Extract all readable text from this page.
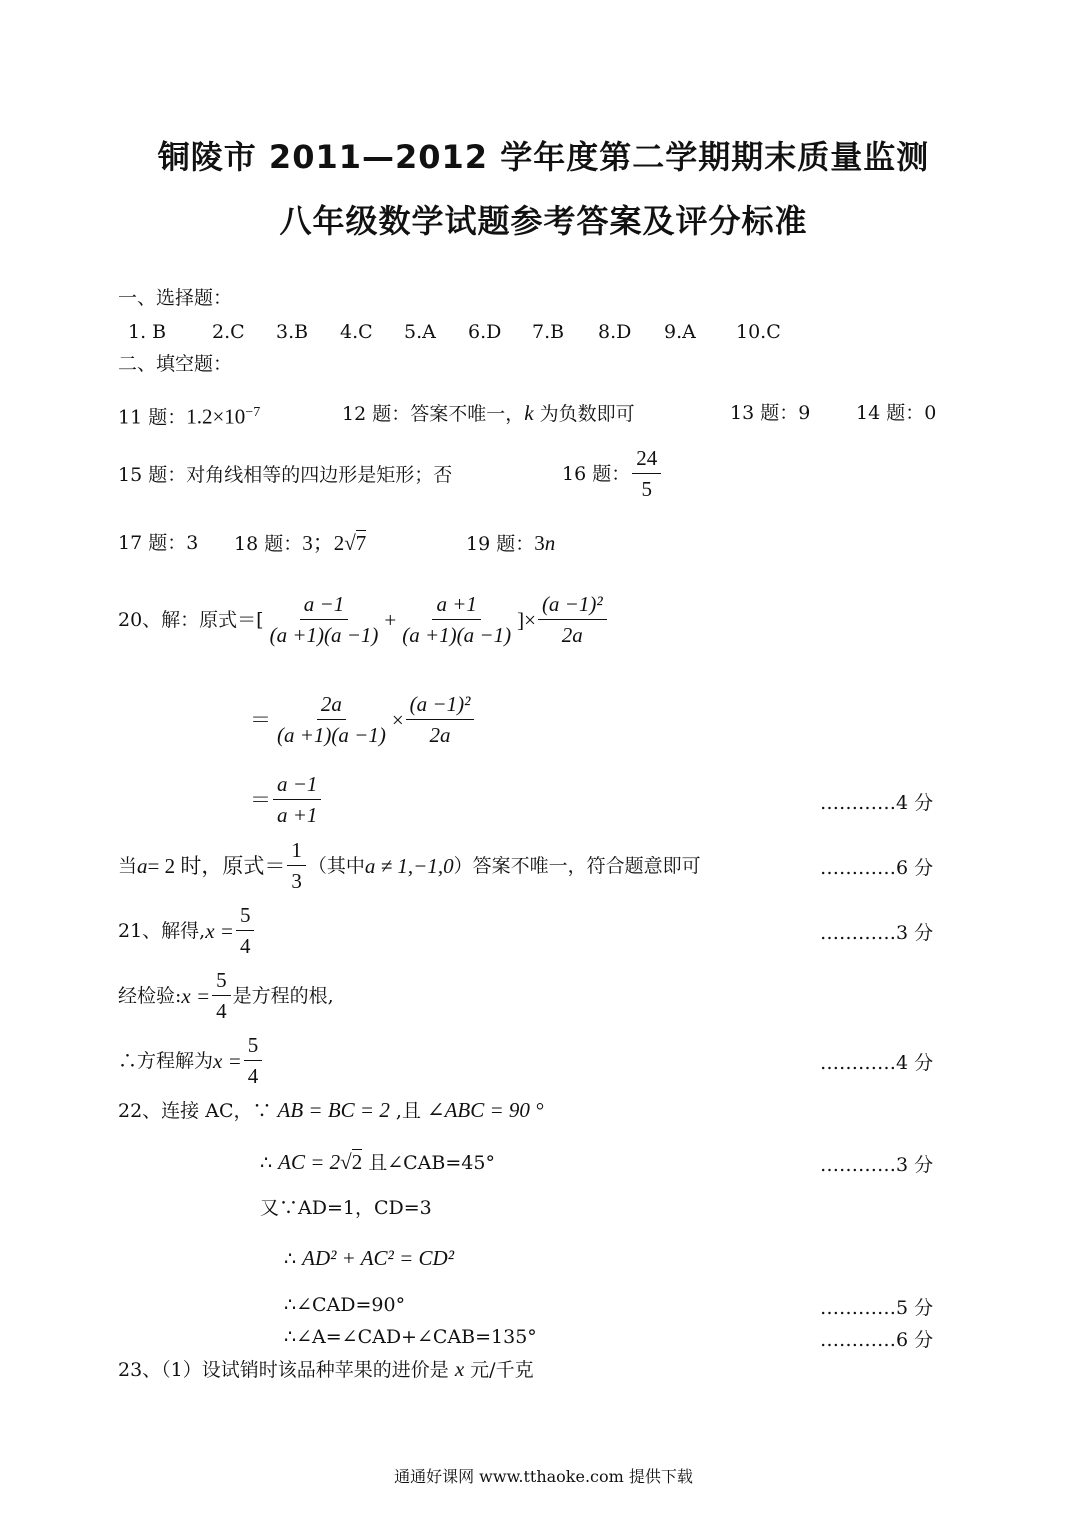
铜陵市 2011—2012 学年度第二学期期末质量监测
八年级数学试题参考答案及评分标准
一、选择题：
1. B 2.C 3.B 4.C 5.A 6.D 7.B 8.D 9.A 10.C
二、填空题：
11 题：$1.2\times 10^{-7}$	12 题：答案不唯一，k 为负数即可	13 题：9 14 题：0
15 题：对角线相等的四边形是矩形；否	16 题： $\frac{24}{5}$
17 题：3 18 题：3；2√7	19 题：3n
20、解：原式＝[ $\frac{a -1}{(a +1)(a -1)} + \frac{a +1}{(a +1)(a -1)}$ ]× $\frac{\text{(a −1)²}}{2a}$
＝ $\frac{2a}{(a +1)(a -1)} \times \frac{\text{(a −1)²}}{2a}$
＝ $\frac{a -1}{a +1}$	…………4 分
当 a = 2 时，原式＝ $\frac{1}{3}$ （其中 a ≠ 1,−1,0 ）答案不唯一，符合题意即可	…………6 分
21、解得, $x = \frac{5}{4}$	…………3 分
经检验: $x = \frac{5}{4}$ 是方程的根,
∴方程解为 $x = \frac{5}{4}$	…………4 分
22、连接 AC，∵ AB = BC = 2 ,且 ∠ABC = 90 °
∴ AC = 2√2 且∠CAB=45°	…………3 分
又∵AD=1，CD=3
∴ AD² + AC² = CD²
∴∠CAD=90°	…………5 分
∴∠A=∠CAD+∠CAB=135°	…………6 分
23、（1）设试销时该品种苹果的进价是 x 元/千克
通通好课网 www.tthaoke.com 提供下载
